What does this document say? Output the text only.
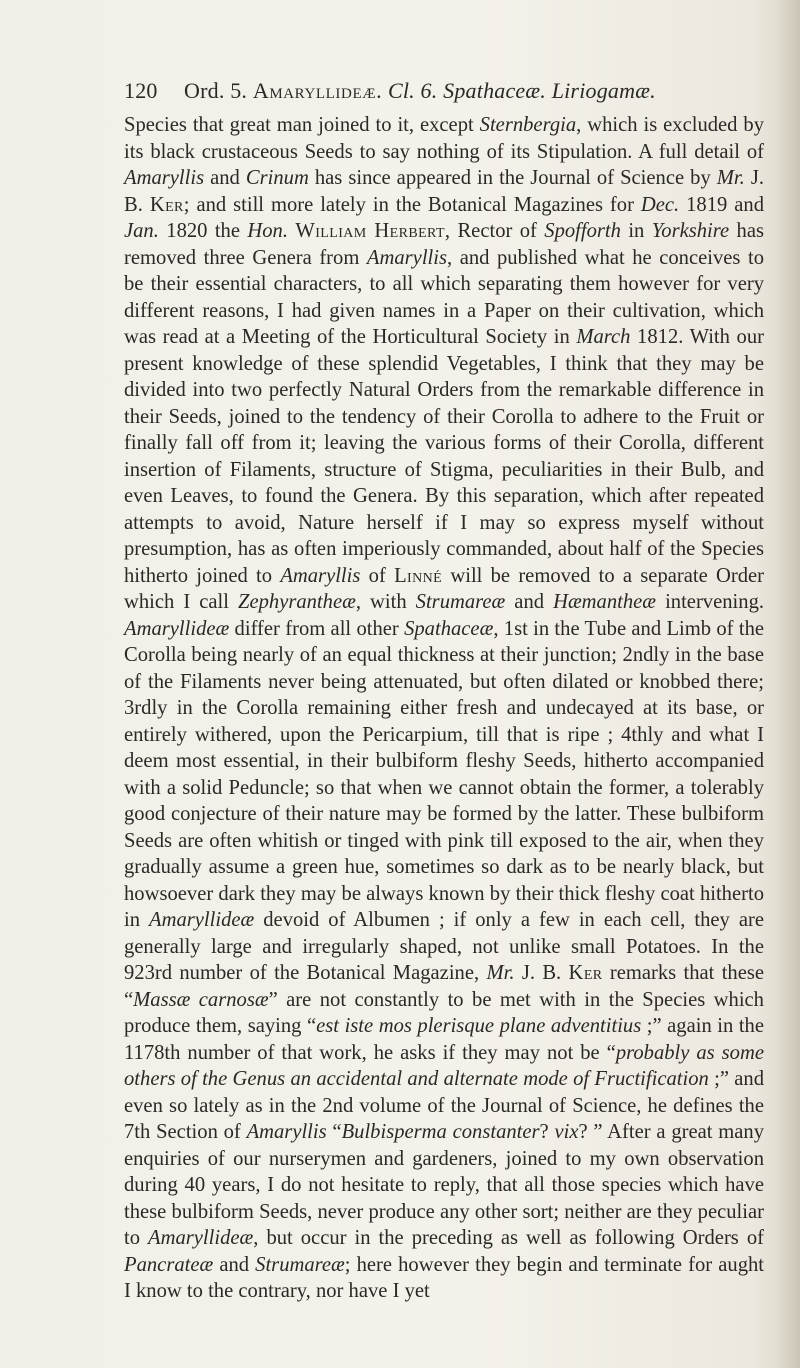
120 Ord. 5. Amaryllideæ. Cl. 6. Spathaceæ. Liriogamæ.

Species that great man joined to it, except Sternbergia, which is excluded by its black crustaceous Seeds to say nothing of its Stipulation. A full detail of Amaryllis and Crinum has since appeared in the Journal of Science by Mr. J. B. Ker; and still more lately in the Botanical Magazines for Dec. 1819 and Jan. 1820 the Hon. William Herbert, Rector of Spofforth in Yorkshire has removed three Genera from Amaryllis, and published what he conceives to be their essential characters, to all which separating them however for very different reasons, I had given names in a Paper on their cultivation, which was read at a Meeting of the Horticultural Society in March 1812. With our present knowledge of these splendid Vegetables, I think that they may be divided into two perfectly Natural Orders from the remarkable difference in their Seeds, joined to the tendency of their Corolla to adhere to the Fruit or finally fall off from it; leaving the various forms of their Corolla, different insertion of Filaments, structure of Stigma, peculiarities in their Bulb, and even Leaves, to found the Genera. By this separation, which after repeated attempts to avoid, Nature herself if I may so express myself without presumption, has as often imperiously commanded, about half of the Species hitherto joined to Amaryllis of Linné will be removed to a separate Order which I call Zephyrantheæ, with Strumareæ and Hæmantheæ intervening. Amaryllideæ differ from all other Spathaceæ, 1st in the Tube and Limb of the Corolla being nearly of an equal thickness at their junction; 2ndly in the base of the Filaments never being attenuated, but often dilated or knobbed there; 3rdly in the Corolla remaining either fresh and undecayed at its base, or entirely withered, upon the Pericarpium, till that is ripe ; 4thly and what I deem most essential, in their bulbiform fleshy Seeds, hitherto accompanied with a solid Peduncle; so that when we cannot obtain the former, a tolerably good conjecture of their nature may be formed by the latter. These bulbiform Seeds are often whitish or tinged with pink till exposed to the air, when they gradually assume a green hue, sometimes so dark as to be nearly black, but howsoever dark they may be always known by their thick fleshy coat hitherto in Amaryllideæ devoid of Albumen ; if only a few in each cell, they are generally large and irregularly shaped, not unlike small Potatoes. In the 923rd number of the Botanical Magazine, Mr. J. B. Ker remarks that these “Massæ carnosæ” are not constantly to be met with in the Species which produce them, saying “est iste mos plerisque plane adventitius ;” again in the 1178th number of that work, he asks if they may not be “probably as some others of the Genus an accidental and alternate mode of Fructification ;” and even so lately as in the 2nd volume of the Journal of Science, he defines the 7th Section of Amaryllis “Bulbisperma constanter? vix? ” After a great many enquiries of our nurserymen and gardeners, joined to my own observation during 40 years, I do not hesitate to reply, that all those species which have these bulbiform Seeds, never produce any other sort; neither are they peculiar to Amaryllideæ, but occur in the preceding as well as following Orders of Pancrateæ and Strumareæ; here however they begin and terminate for aught I know to the contrary, nor have I yet
